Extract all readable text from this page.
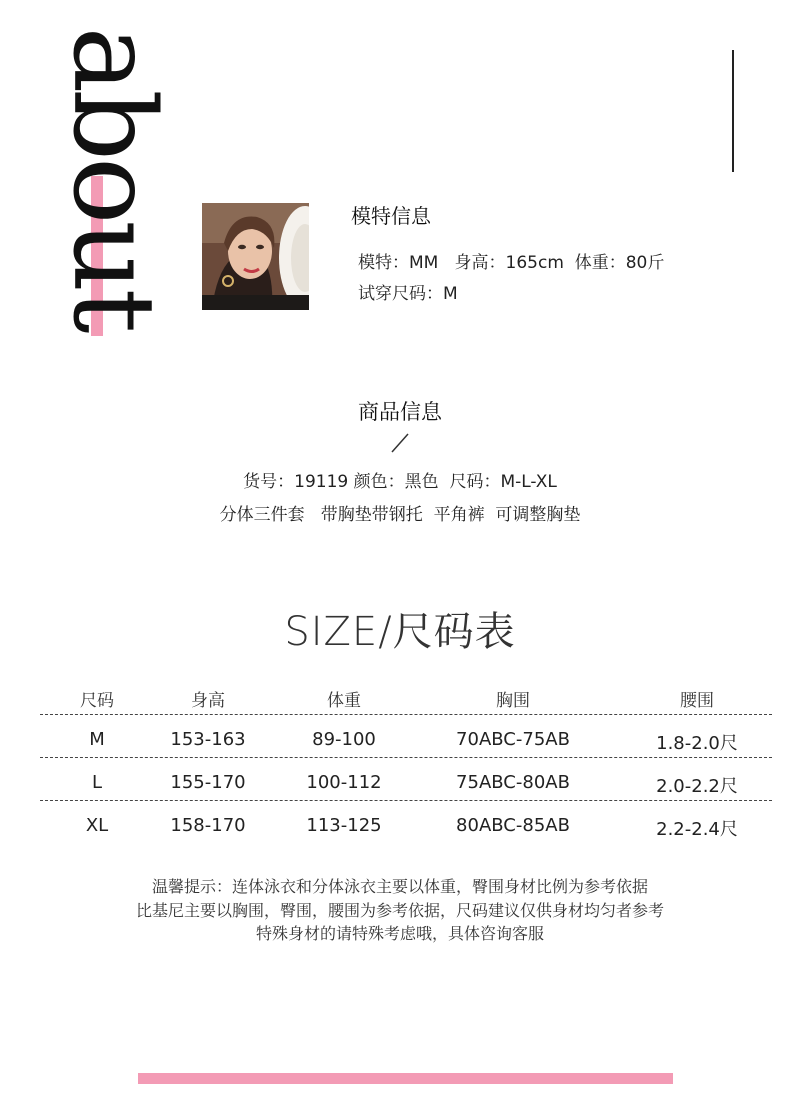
about	模特信息
模特：MM   身高：165cm  体重：80斤
试穿尺码：M
商品信息
货号：19119 颜色：黑色  尺码：M-L-XL
分体三件套   带胸垫带钢托  平角裤  可调整胸垫
SIZE/尺码表
尺码	身高	体重	胸围	腰围
M	153-163	89-100	70ABC-75AB	1.8-2.0尺
L	155-170	100-112	75ABC-80AB	2.0-2.2尺
XL	158-170	113-125	80ABC-85AB	2.2-2.4尺
温馨提示：连体泳衣和分体泳衣主要以体重，臀围身材比例为参考依据
比基尼主要以胸围，臀围，腰围为参考依据，尺码建议仅供身材均匀者参考
特殊身材的请特殊考虑哦，具体咨询客服
